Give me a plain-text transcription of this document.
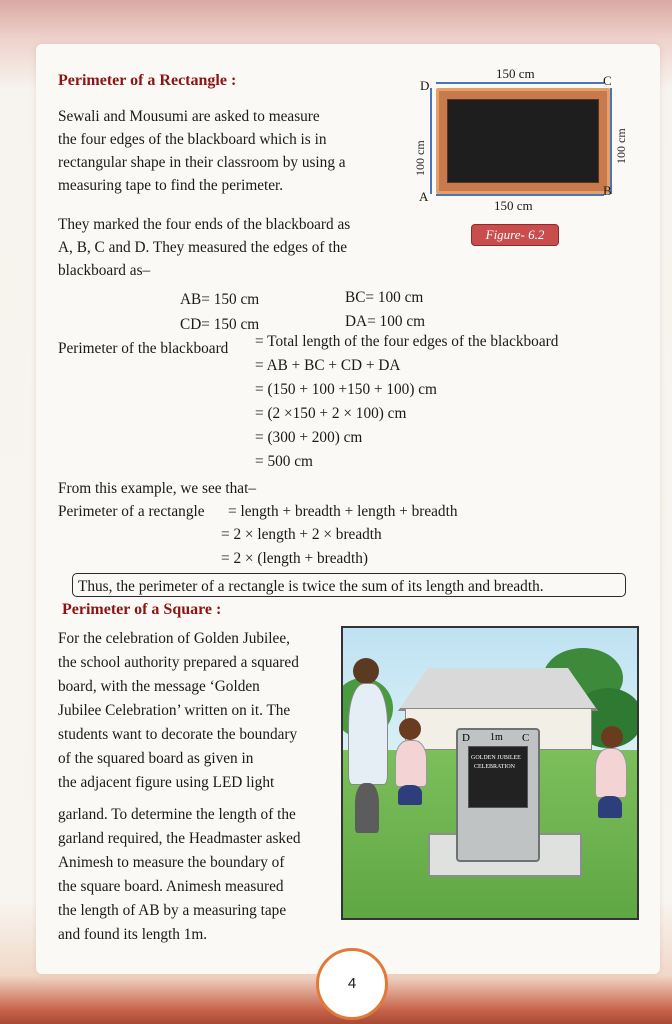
Perimeter of a Rectangle :

Sewali and Mousumi are asked to measure

the four edges of the blackboard which is in

rectangular shape in their classroom by using a

measuring tape to find the perimeter.

150 cm

150 cm

100 cm	100 cm

D	C

A	B

Figure- 6.2

They marked the four ends of the blackboard as

A, B, C and D. They measured the edges of the

blackboard as–

AB= 150 cm	BC= 100 cm

CD= 150 cm	DA= 100 cm

Perimeter of the blackboard = Total length of the four edges of the blackboard

= AB + BC + CD + DA

= (150 + 100 +150 + 100) cm

= (2 ×150 + 2 × 100) cm

= (300 + 200) cm

= 500 cm

From this example, we see that–

Perimeter of a rectangle = length + breadth + length + breadth

= 2 × length + 2 × breadth

= 2 × (length + breadth)

Thus, the perimeter of a rectangle is twice the sum of its length and breadth.

Perimeter of a Square :

For the celebration of Golden Jubilee,

the school authority prepared a squared

board, with the message ‘Golden

Jubilee Celebration’ written on it. The

students want to decorate the boundary

of the squared board as given in

the adjacent figure using LED light

garland. To determine the length of the

garland required, the Headmaster asked

Animesh to measure the boundary of

the square board. Animesh measured

the length of AB by a measuring tape

and found its length 1m.

D 1m C
GOLDEN JUBILEE
CELEBRATION
4
